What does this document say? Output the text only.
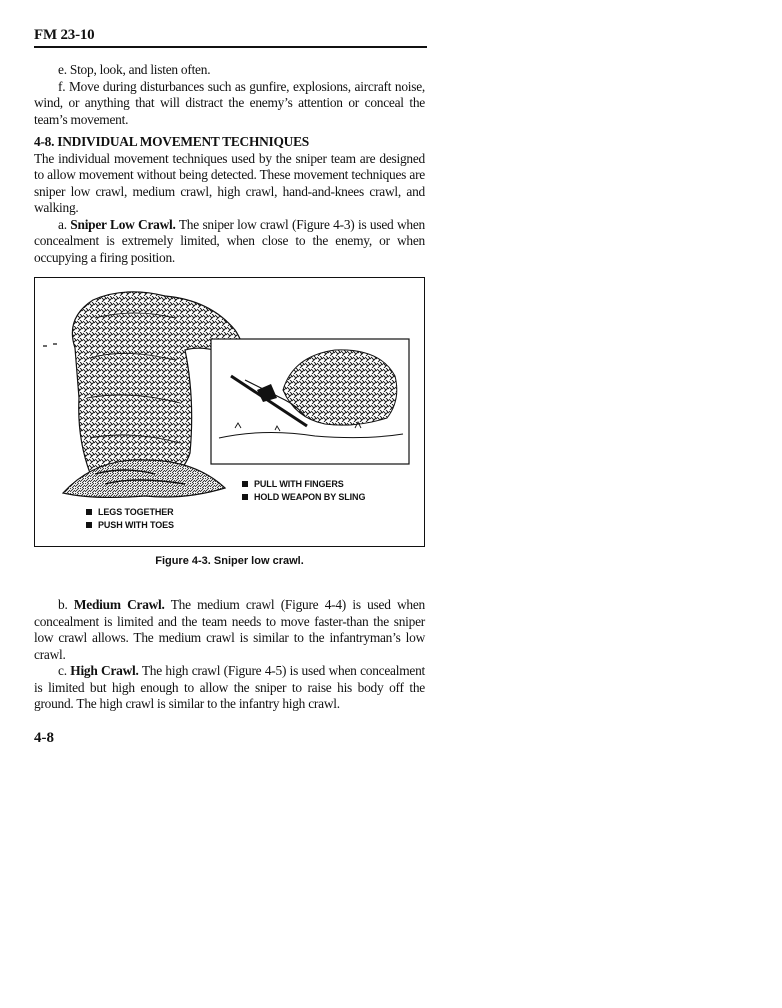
FM 23-10

e. Stop, look, and listen often.

f. Move during disturbances such as gunfire, explosions, aircraft noise, wind, or anything that will distract the enemy’s attention or conceal the team’s movement.

4-8. INDIVIDUAL MOVEMENT TECHNIQUES

The individual movement techniques used by the sniper team are designed to allow movement without being detected. These movement techniques are sniper low crawl, medium crawl, high crawl, hand-and-knees crawl, and walking.

a. Sniper Low Crawl. The sniper low crawl (Figure 4-3) is used when concealment is extremely limited, when close to the enemy, or when occupying a firing position.

PULL WITH FINGERS
HOLD WEAPON BY SLING
LEGS TOGETHER
PUSH WITH TOES
Figure 4-3. Sniper low crawl.

b. Medium Crawl. The medium crawl (Figure 4-4) is used when concealment is limited and the team needs to move faster-than the sniper low crawl allows. The medium crawl is similar to the infantryman’s low crawl.

c. High Crawl. The high crawl (Figure 4-5) is used when concealment is limited but high enough to allow the sniper to raise his body off the ground. The high crawl is similar to the infantry high crawl.

4-8
